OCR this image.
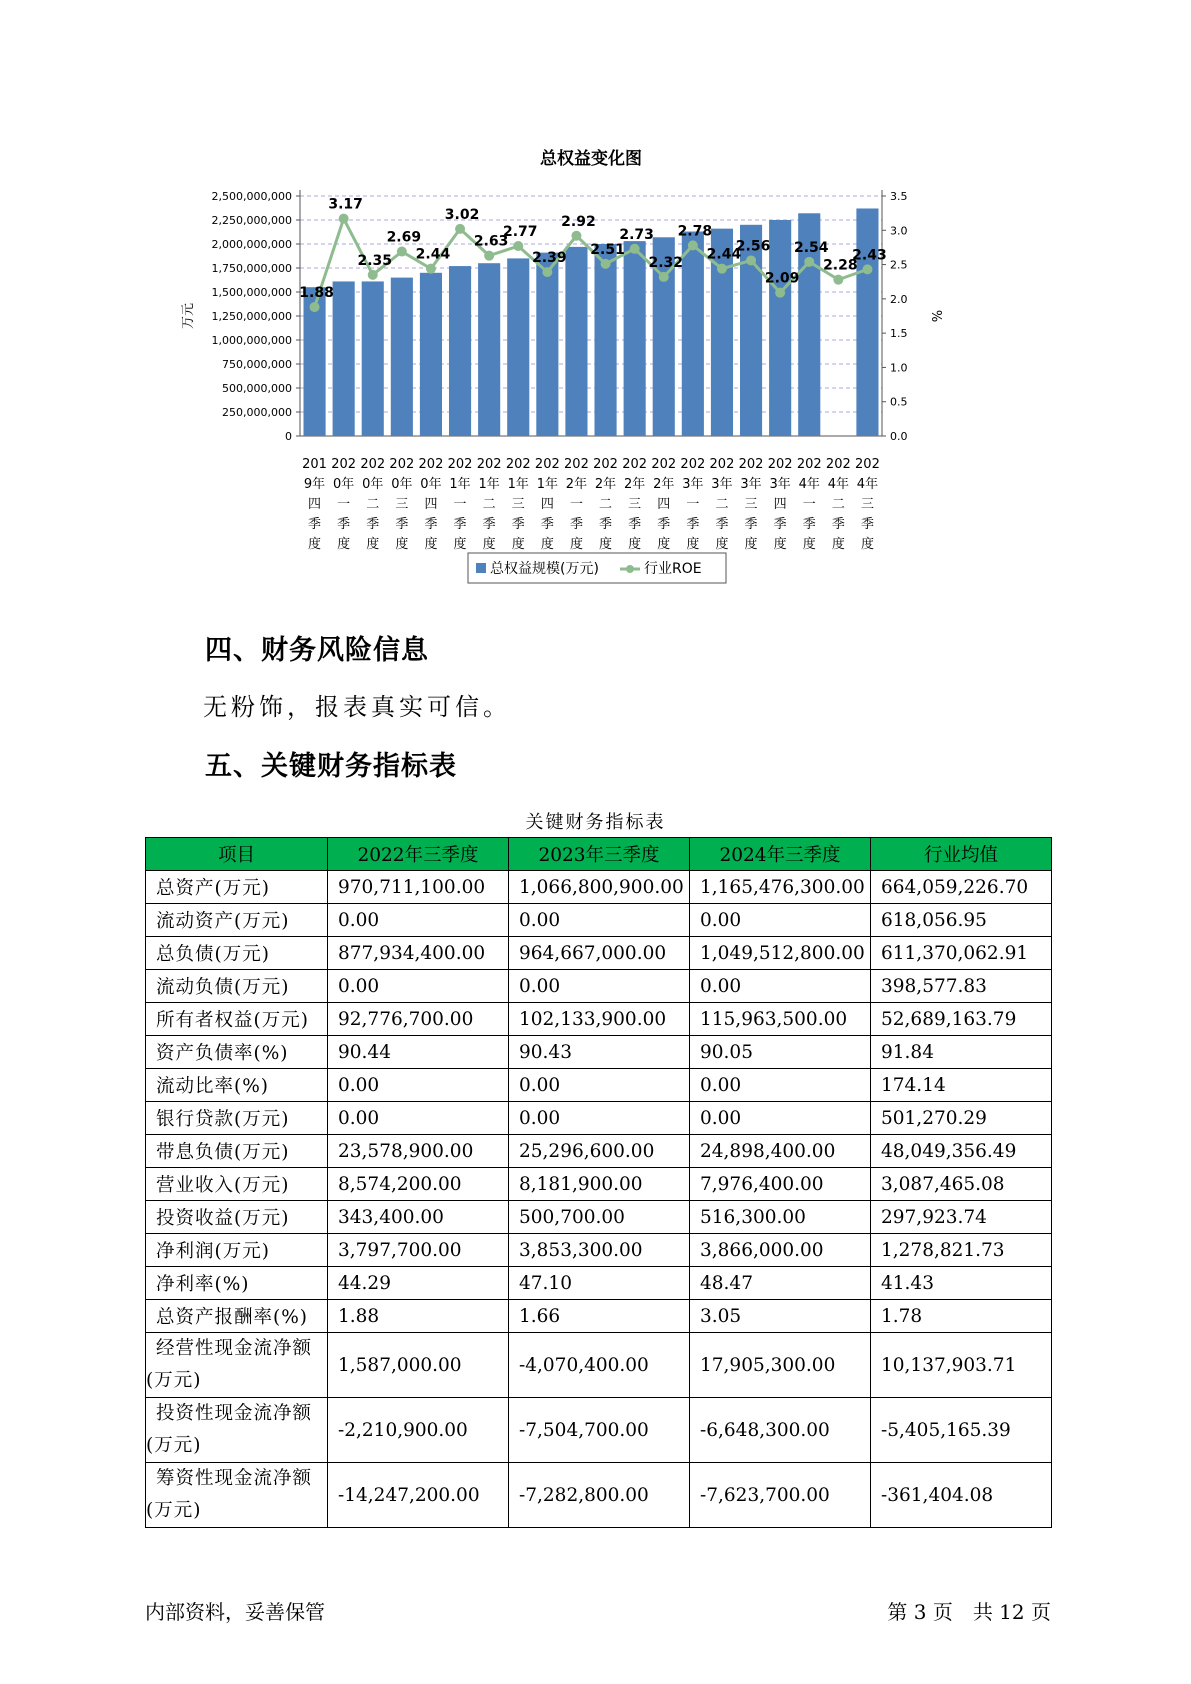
总权益变化图
0
250,000,000
500,000,000
750,000,000
1,000,000,000
1,250,000,000
1,500,000,000
1,750,000,000
2,000,000,000
2,250,000,000
2,500,000,000
0.0
0.5
1.0
1.5
2.0
2.5
3.0
3.5
万元	%
1.88
3.17
2.35
2.69
2.44
3.02
2.63
2.77
2.39
2.92
2.51
2.73
2.32
2.78
2.44
2.56
2.09
2.54
2.28
2.43
201
9年
四
季
度
202
0年
一
季
度
202
0年
二
季
度
202
0年
三
季
度
202
0年
四
季
度
202
1年
一
季
度
202
1年
二
季
度
202
1年
三
季
度
202
1年
四
季
度
202
2年
一
季
度
202
2年
二
季
度
202
2年
三
季
度
202
2年
四
季
度
202
3年
一
季
度
202
3年
二
季
度
202
3年
三
季
度
202
3年
四
季
度
202
4年
一
季
度
202
4年
二
季
度
202
4年
三
季
度
总权益规模(万元)	行业ROE
四、财务风险信息
无粉饰，报表真实可信。
五、关键财务指标表
关键财务指标表
项目	2022年三季度	2023年三季度	2024年三季度	行业均值
总资产(万元)	970,711,100.00	1,066,800,900.00	1,165,476,300.00	664,059,226.70
流动资产(万元)	0.00	0.00	0.00	618,056.95
总负债(万元)	877,934,400.00	964,667,000.00	1,049,512,800.00	611,370,062.91
流动负债(万元)	0.00	0.00	0.00	398,577.83
所有者权益(万元)	92,776,700.00	102,133,900.00	115,963,500.00	52,689,163.79
资产负债率(%)	90.44	90.43	90.05	91.84
流动比率(%)	0.00	0.00	0.00	174.14
银行贷款(万元)	0.00	0.00	0.00	501,270.29
带息负债(万元)	23,578,900.00	25,296,600.00	24,898,400.00	48,049,356.49
营业收入(万元)	8,574,200.00	8,181,900.00	7,976,400.00	3,087,465.08
投资收益(万元)	343,400.00	500,700.00	516,300.00	297,923.74
净利润(万元)	3,797,700.00	3,853,300.00	3,866,000.00	1,278,821.73
净利率(%)	44.29	47.10	48.47	41.43
总资产报酬率(%)	1.88	1.66	3.05	1.78
经营性现金流净额(万元)	1,587,000.00	-4,070,400.00	17,905,300.00	10,137,903.71
投资性现金流净额(万元)	-2,210,900.00	-7,504,700.00	-6,648,300.00	-5,405,165.39
筹资性现金流净额(万元)	-14,247,200.00	-7,282,800.00	-7,623,700.00	-361,404.08
内部资料，妥善保管	第 3 页　共 12 页
